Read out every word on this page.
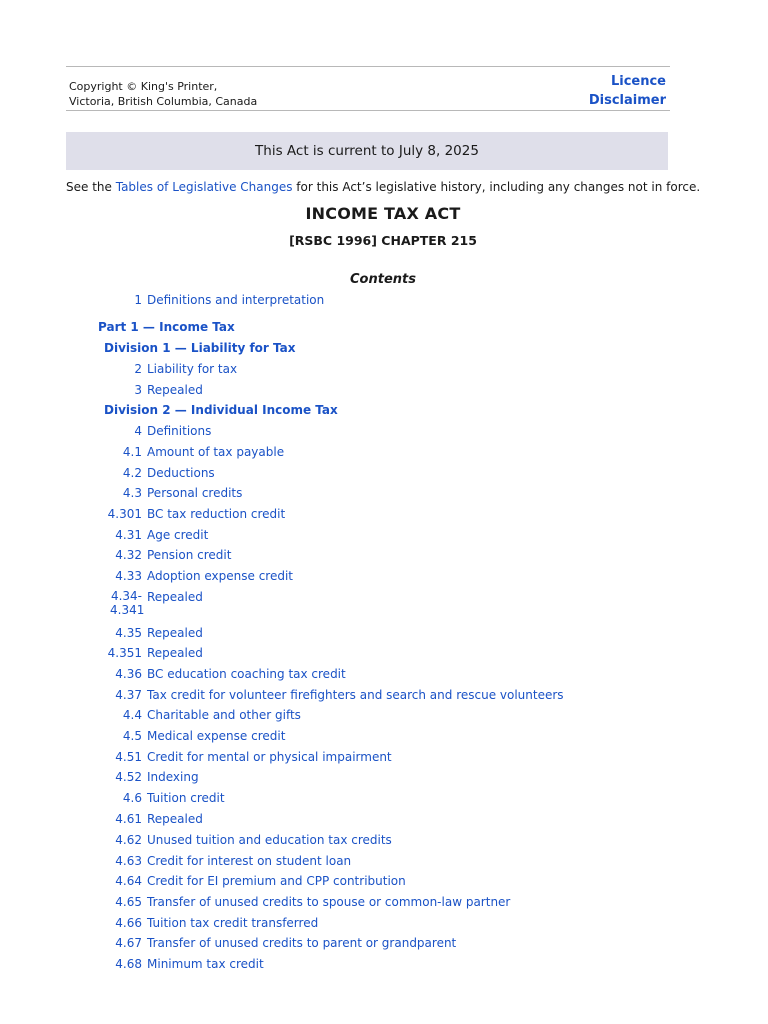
Copyright © King's Printer,
Victoria, British Columbia, Canada
Licence
Disclaimer
This Act is current to July 8, 2025
See the Tables of Legislative Changes for this Act’s legislative history, including any changes not in force.
INCOME TAX ACT
[RSBC 1996] CHAPTER 215
Contents
1 Definitions and interpretation
Part 1 — Income Tax
Division 1 — Liability for Tax
2 Liability for tax
3 Repealed
Division 2 — Individual Income Tax
4 Definitions
4.1 Amount of tax payable
4.2 Deductions
4.3 Personal credits
4.301 BC tax reduction credit
4.31 Age credit
4.32 Pension credit
4.33 Adoption expense credit
4.34-
4.341
Repealed
4.35 Repealed
4.351 Repealed
4.36 BC education coaching tax credit
4.37 Tax credit for volunteer firefighters and search and rescue volunteers
4.4 Charitable and other gifts
4.5 Medical expense credit
4.51 Credit for mental or physical impairment
4.52 Indexing
4.6 Tuition credit
4.61 Repealed
4.62 Unused tuition and education tax credits
4.63 Credit for interest on student loan
4.64 Credit for EI premium and CPP contribution
4.65 Transfer of unused credits to spouse or common-law partner
4.66 Tuition tax credit transferred
4.67 Transfer of unused credits to parent or grandparent
4.68 Minimum tax credit
